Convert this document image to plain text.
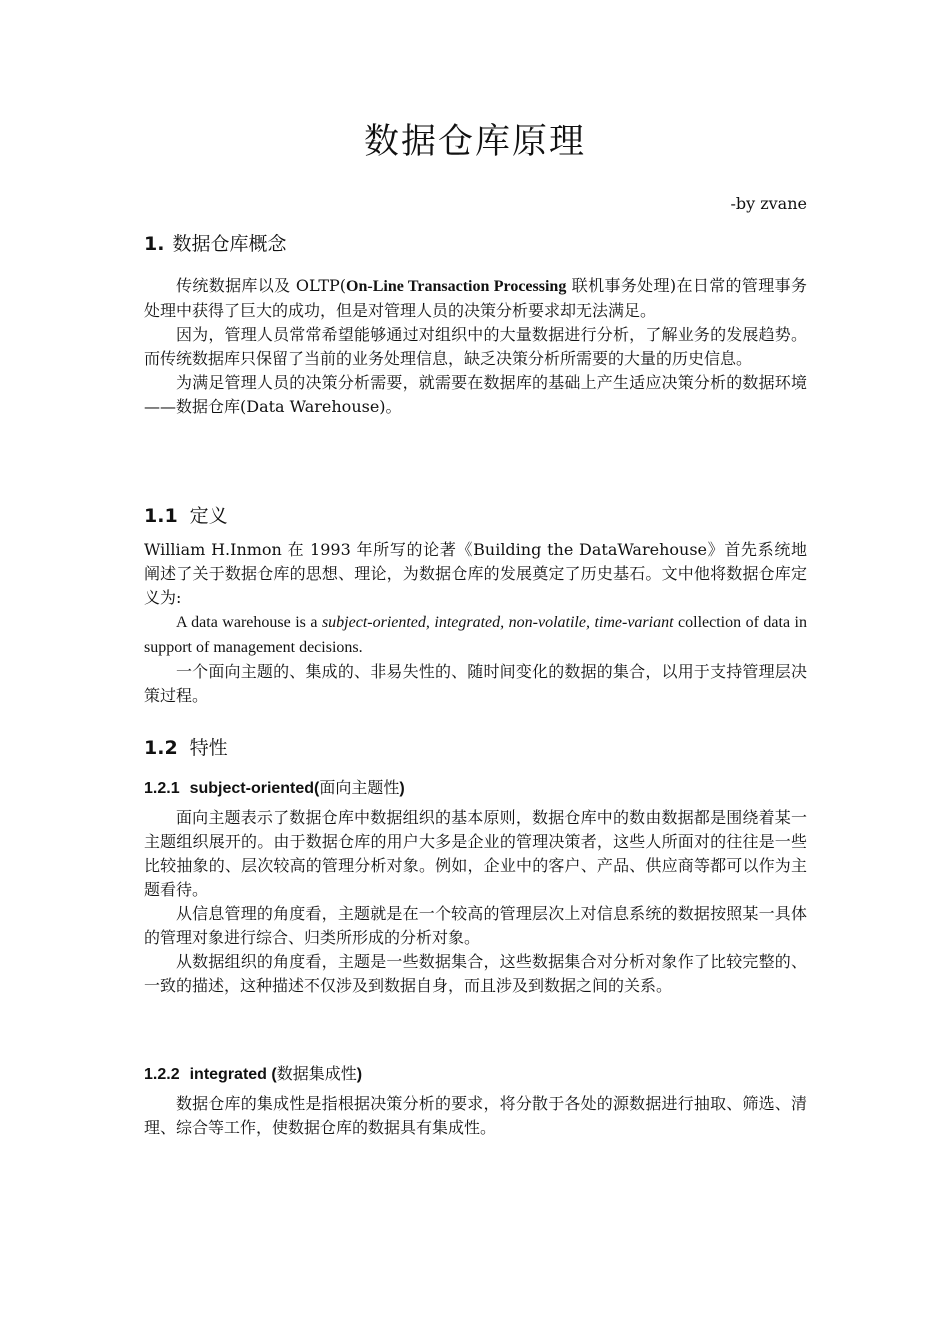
数据仓库原理
-by zvane
1. 数据仓库概念

传统数据库以及 OLTP(On-Line Transaction Processing 联机事务处理)在日常的管理事务处理中获得了巨大的成功，但是对管理人员的决策分析要求却无法满足。

因为，管理人员常常希望能够通过对组织中的大量数据进行分析，了解业务的发展趋势。而传统数据库只保留了当前的业务处理信息，缺乏决策分析所需要的大量的历史信息。

为满足管理人员的决策分析需要，就需要在数据库的基础上产生适应决策分析的数据环境——数据仓库(Data Warehouse)。

1.1 定义

William H.Inmon 在 1993 年所写的论著《Building the DataWarehouse》首先系统地阐述了关于数据仓库的思想、理论，为数据仓库的发展奠定了历史基石。文中他将数据仓库定义为:

A data warehouse is a subject-oriented, integrated, non-volatile, time-variant collection of data in support of management decisions.

一个面向主题的、集成的、非易失性的、随时间变化的数据的集合，以用于支持管理层决策过程。

1.2 特性
1.2.1 subject-oriented(面向主题性)

面向主题表示了数据仓库中数据组织的基本原则，数据仓库中的数由数据都是围绕着某一主题组织展开的。由于数据仓库的用户大多是企业的管理决策者，这些人所面对的往往是一些比较抽象的、层次较高的管理分析对象。例如，企业中的客户、产品、供应商等都可以作为主题看待。

从信息管理的角度看，主题就是在一个较高的管理层次上对信息系统的数据按照某一具体的管理对象进行综合、归类所形成的分析对象。

从数据组织的角度看，主题是一些数据集合，这些数据集合对分析对象作了比较完整的、一致的描述，这种描述不仅涉及到数据自身，而且涉及到数据之间的关系。

1.2.2 integrated (数据集成性)

数据仓库的集成性是指根据决策分析的要求，将分散于各处的源数据进行抽取、筛选、清理、综合等工作，使数据仓库的数据具有集成性。
